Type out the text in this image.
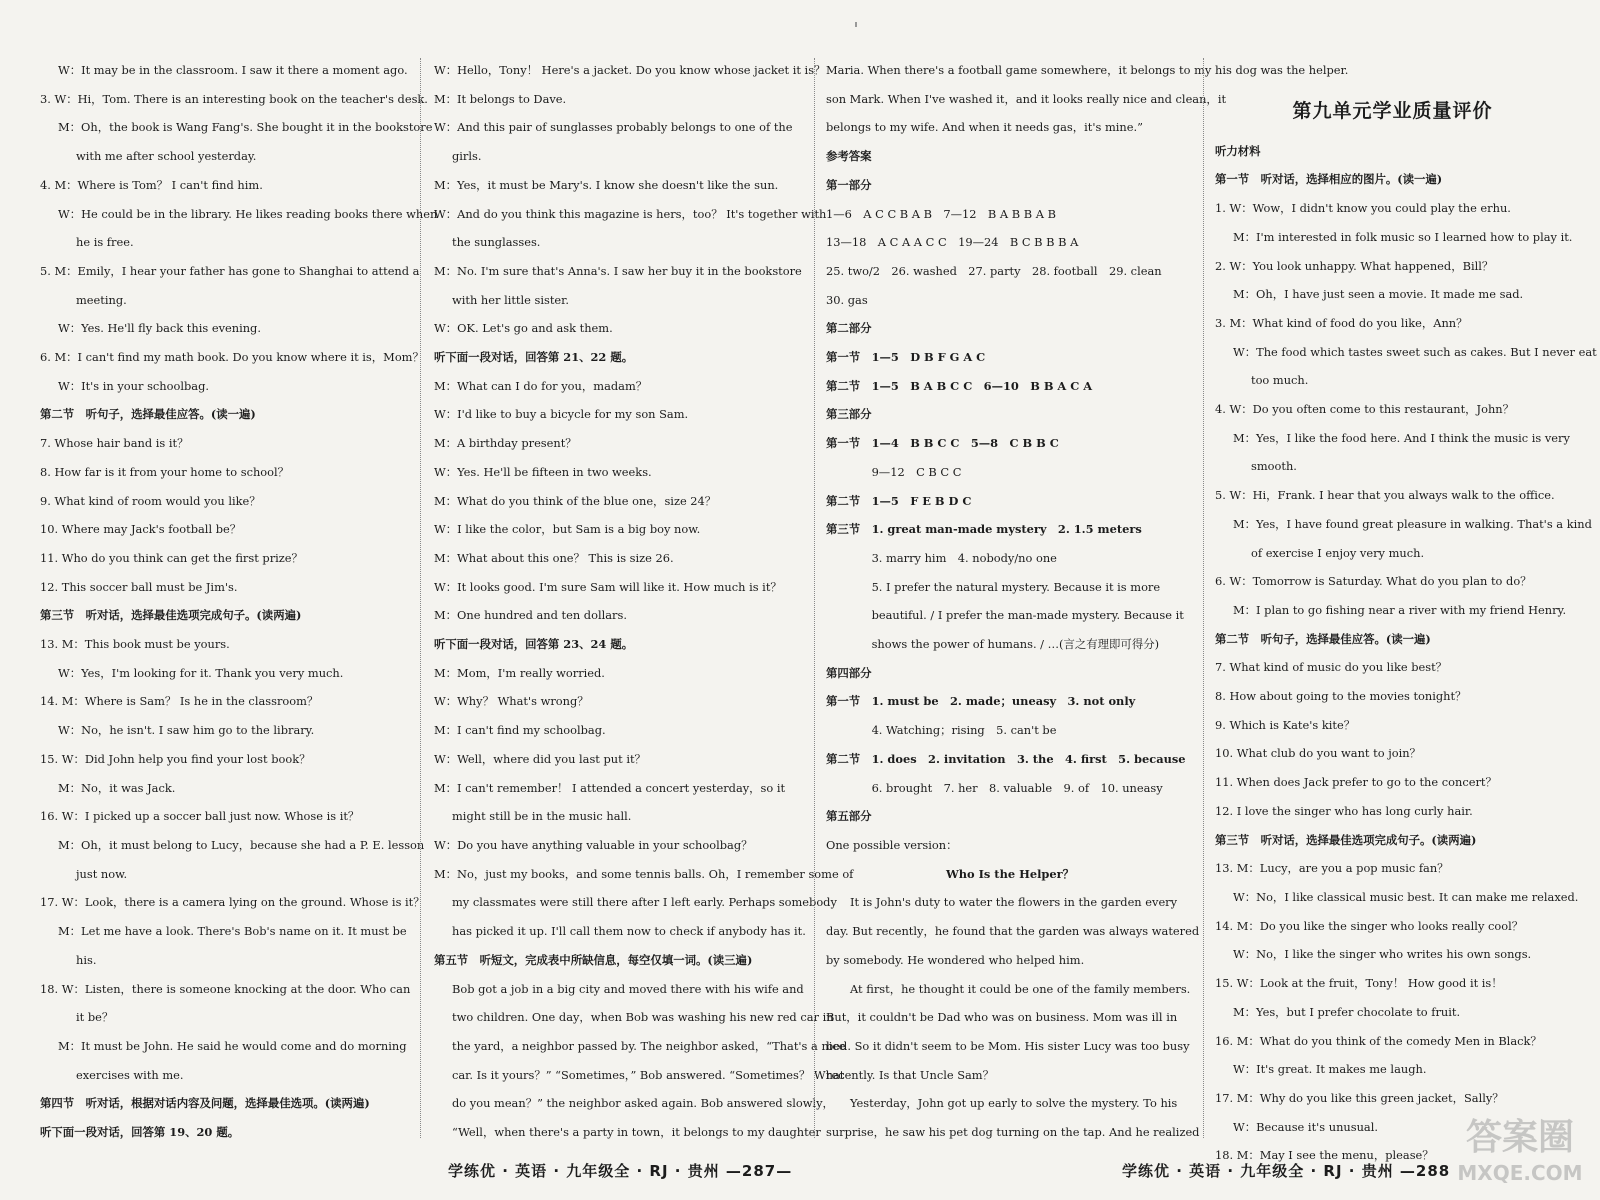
W：It may be in the classroom. I saw it there a moment ago.

3. W：Hi，Tom. There is an interesting book on the teacher's desk.

M：Oh，the book is Wang Fang's. She bought it in the bookstore

with me after school yesterday.

4. M：Where is Tom？ I can't find him.

W：He could be in the library. He likes reading books there when

he is free.

5. M：Emily，I hear your father has gone to Shanghai to attend a

meeting.

W：Yes. He'll fly back this evening.

6. M：I can't find my math book. Do you know where it is，Mom？

W：It's in your schoolbag.

第二节　听句子，选择最佳应答。(读一遍)

7. Whose hair band is it？

8. How far is it from your home to school？

9. What kind of room would you like？

10. Where may Jack's football be？

11. Who do you think can get the first prize？

12. This soccer ball must be Jim's.

第三节　听对话，选择最佳选项完成句子。(读两遍)

13. M：This book must be yours.

W：Yes，I'm looking for it. Thank you very much.

14. M：Where is Sam？ Is he in the classroom？

W：No，he isn't. I saw him go to the library.

15. W：Did John help you find your lost book？

M：No，it was Jack.

16. W：I picked up a soccer ball just now. Whose is it？

M：Oh，it must belong to Lucy，because she had a P. E. lesson

just now.

17. W：Look，there is a camera lying on the ground. Whose is it？

M：Let me have a look. There's Bob's name on it. It must be

his.

18. W：Listen，there is someone knocking at the door. Who can

it be？

M：It must be John. He said he would come and do morning

exercises with me.

第四节　听对话，根据对话内容及问题，选择最佳选项。(读两遍)

听下面一段对话，回答第 19、20 题。

W：Hello，Tony！ Here's a jacket. Do you know whose jacket it is？

M：It belongs to Dave.

W：And this pair of sunglasses probably belongs to one of the

girls.

M：Yes，it must be Mary's. I know she doesn't like the sun.

W：And do you think this magazine is hers，too？ It's together with

the sunglasses.

M：No. I'm sure that's Anna's. I saw her buy it in the bookstore

with her little sister.

W：OK. Let's go and ask them.

听下面一段对话，回答第 21、22 题。

M：What can I do for you，madam？

W：I'd like to buy a bicycle for my son Sam.

M：A birthday present？

W：Yes. He'll be fifteen in two weeks.

M：What do you think of the blue one，size 24？

W：I like the color，but Sam is a big boy now.

M：What about this one？ This is size 26.

W：It looks good. I'm sure Sam will like it. How much is it？

M：One hundred and ten dollars.

听下面一段对话，回答第 23、24 题。

M：Mom，I'm really worried.

W：Why？ What's wrong？

M：I can't find my schoolbag.

W：Well，where did you last put it？

M：I can't remember！ I attended a concert yesterday，so it

might still be in the music hall.

W：Do you have anything valuable in your schoolbag？

M：No，just my books，and some tennis balls. Oh，I remember some of

my classmates were still there after I left early. Perhaps somebody

has picked it up. I'll call them now to check if anybody has it.

第五节　听短文，完成表中所缺信息，每空仅填一词。(读三遍)

Bob got a job in a big city and moved there with his wife and

two children. One day，when Bob was washing his new red car in

the yard，a neighbor passed by. The neighbor asked，“That's a nice

car. Is it yours？” “Sometimes，” Bob answered. “Sometimes？ What

do you mean？” the neighbor asked again. Bob answered slowly，

“Well，when there's a party in town，it belongs to my daughter

Maria. When there's a football game somewhere，it belongs to my

son Mark. When I've washed it，and it looks really nice and clean，it

belongs to my wife. And when it needs gas，it's mine.”

参考答案

第一部分

1—6　A C C B A B　7—12　B A B B A B

13—18　A C A A C C　19—24　B C B B B A

25. two/2　26. washed　27. party　28. football　29. clean

30. gas

第二部分

第一节　1—5　D B F G A C

第二节　1—5　B A B C C　6—10　B B A C A

第三部分

第一节　1—4　B B C C　5—8　C B B C

　　　　9—12　C B C C

第二节　1—5　F E B D C

第三节　1. great man-made mystery　2. 1.5 meters

　　　　3. marry him　4. nobody/no one

　　　　5. I prefer the natural mystery. Because it is more

　　　　beautiful. / I prefer the man-made mystery. Because it

　　　　shows the power of humans. / …(言之有理即可得分)

第四部分

第一节　1. must be　2. made；uneasy　3. not only

　　　　4. Watching；rising　5. can't be

第二节　1. does　2. invitation　3. the　4. first　5. because

　　　　6. brought　7. her　8. valuable　9. of　10. uneasy

第五部分

One possible version：

Who Is the Helper？

It is John's duty to water the flowers in the garden every

day. But recently，he found that the garden was always watered

by somebody. He wondered who helped him.

At first，he thought it could be one of the family members.

But，it couldn't be Dad who was on business. Mom was ill in

bed. So it didn't seem to be Mom. His sister Lucy was too busy

recently. Is that Uncle Sam？

Yesterday，John got up early to solve the mystery. To his

surprise，he saw his pet dog turning on the tap. And he realized

his dog was the helper.

第九单元学业质量评价

听力材料

第一节　听对话，选择相应的图片。(读一遍)

1. W：Wow，I didn't know you could play the erhu.

M：I'm interested in folk music so I learned how to play it.

2. W：You look unhappy. What happened，Bill？

M：Oh，I have just seen a movie. It made me sad.

3. M：What kind of food do you like，Ann？

W：The food which tastes sweet such as cakes. But I never eat

too much.

4. W：Do you often come to this restaurant，John？

M：Yes，I like the food here. And I think the music is very

smooth.

5. W：Hi，Frank. I hear that you always walk to the office.

M：Yes，I have found great pleasure in walking. That's a kind

of exercise I enjoy very much.

6. W：Tomorrow is Saturday. What do you plan to do？

M：I plan to go fishing near a river with my friend Henry.

第二节　听句子，选择最佳应答。(读一遍)

7. What kind of music do you like best？

8. How about going to the movies tonight？

9. Which is Kate's kite？

10. What club do you want to join？

11. When does Jack prefer to go to the concert？

12. I love the singer who has long curly hair.

第三节　听对话，选择最佳选项完成句子。(读两遍)

13. M：Lucy，are you a pop music fan？

W：No，I like classical music best. It can make me relaxed.

14. M：Do you like the singer who looks really cool？

W：No，I like the singer who writes his own songs.

15. W：Look at the fruit，Tony！ How good it is！

M：Yes，but I prefer chocolate to fruit.

16. M：What do you think of the comedy Men in Black？

W：It's great. It makes me laugh.

17. M：Why do you like this green jacket，Sally？

W：Because it's unusual.

18. M：May I see the menu，please？

学练优 · 英语 · 九年级全 · RJ · 贵州 —287—	学练优 · 英语 · 九年级全 · RJ · 贵州 —288
答案圈
MXQE.COM
